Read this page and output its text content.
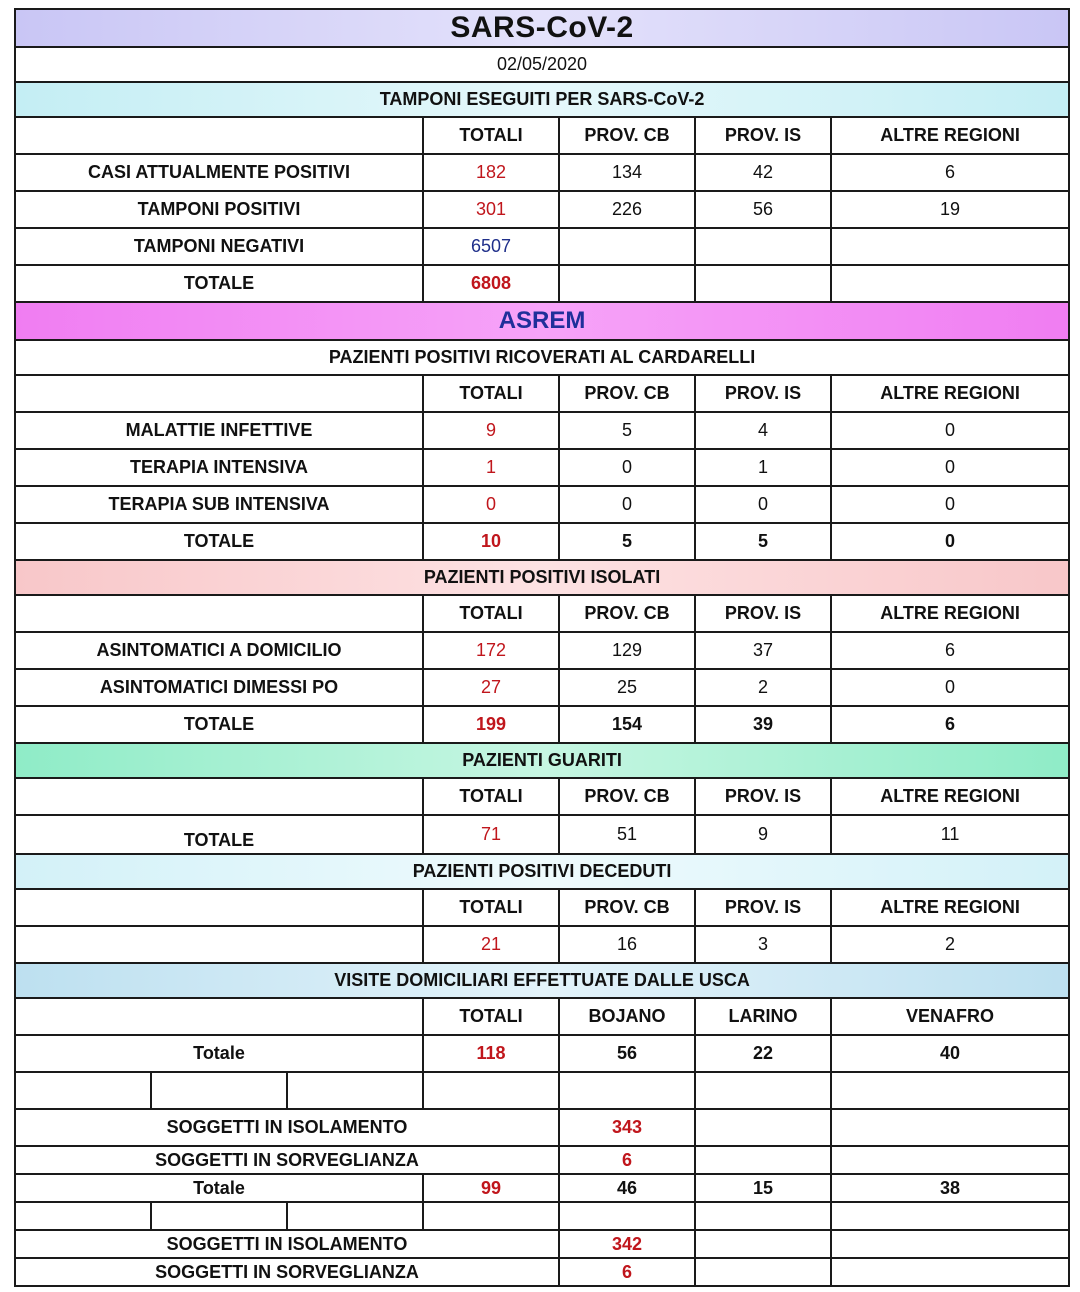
SARS-CoV-2						
02/05/2020						
TAMPONI ESEGUITI PER SARS-CoV-2						
			TOTALI	PROV. CB	PROV. IS	ALTRE REGIONI
CASI ATTUALMENTE POSITIVI			182	134	42	6
TAMPONI POSITIVI			301	226	56	19
TAMPONI NEGATIVI			6507			
TOTALE			6808			
ASREM						
PAZIENTI POSITIVI RICOVERATI AL CARDARELLI						
			TOTALI	PROV. CB	PROV. IS	ALTRE REGIONI
MALATTIE INFETTIVE			9	5	4	0
TERAPIA INTENSIVA			1	0	1	0
TERAPIA SUB INTENSIVA			0	0	0	0
TOTALE			10	5	5	0
PAZIENTI POSITIVI ISOLATI						
			TOTALI	PROV. CB	PROV. IS	ALTRE REGIONI
ASINTOMATICI A DOMICILIO			172	129	37	6
ASINTOMATICI DIMESSI PO			27	25	2	0
TOTALE			199	154	39	6
PAZIENTI GUARITI						
			TOTALI	PROV. CB	PROV. IS	ALTRE REGIONI
TOTALE			71	51	9	11
PAZIENTI POSITIVI DECEDUTI						
			TOTALI	PROV. CB	PROV. IS	ALTRE REGIONI
			21	16	3	2
VISITE DOMICILIARI EFFETTUATE DALLE USCA						
			TOTALI	BOJANO	LARINO	VENAFRO
Totale			118	56	22	40

SOGGETTI IN ISOLAMENTO				343		
SOGGETTI IN SORVEGLIANZA				6		
Totale			99	46	15	38

SOGGETTI IN ISOLAMENTO				342		
SOGGETTI IN SORVEGLIANZA				6		
